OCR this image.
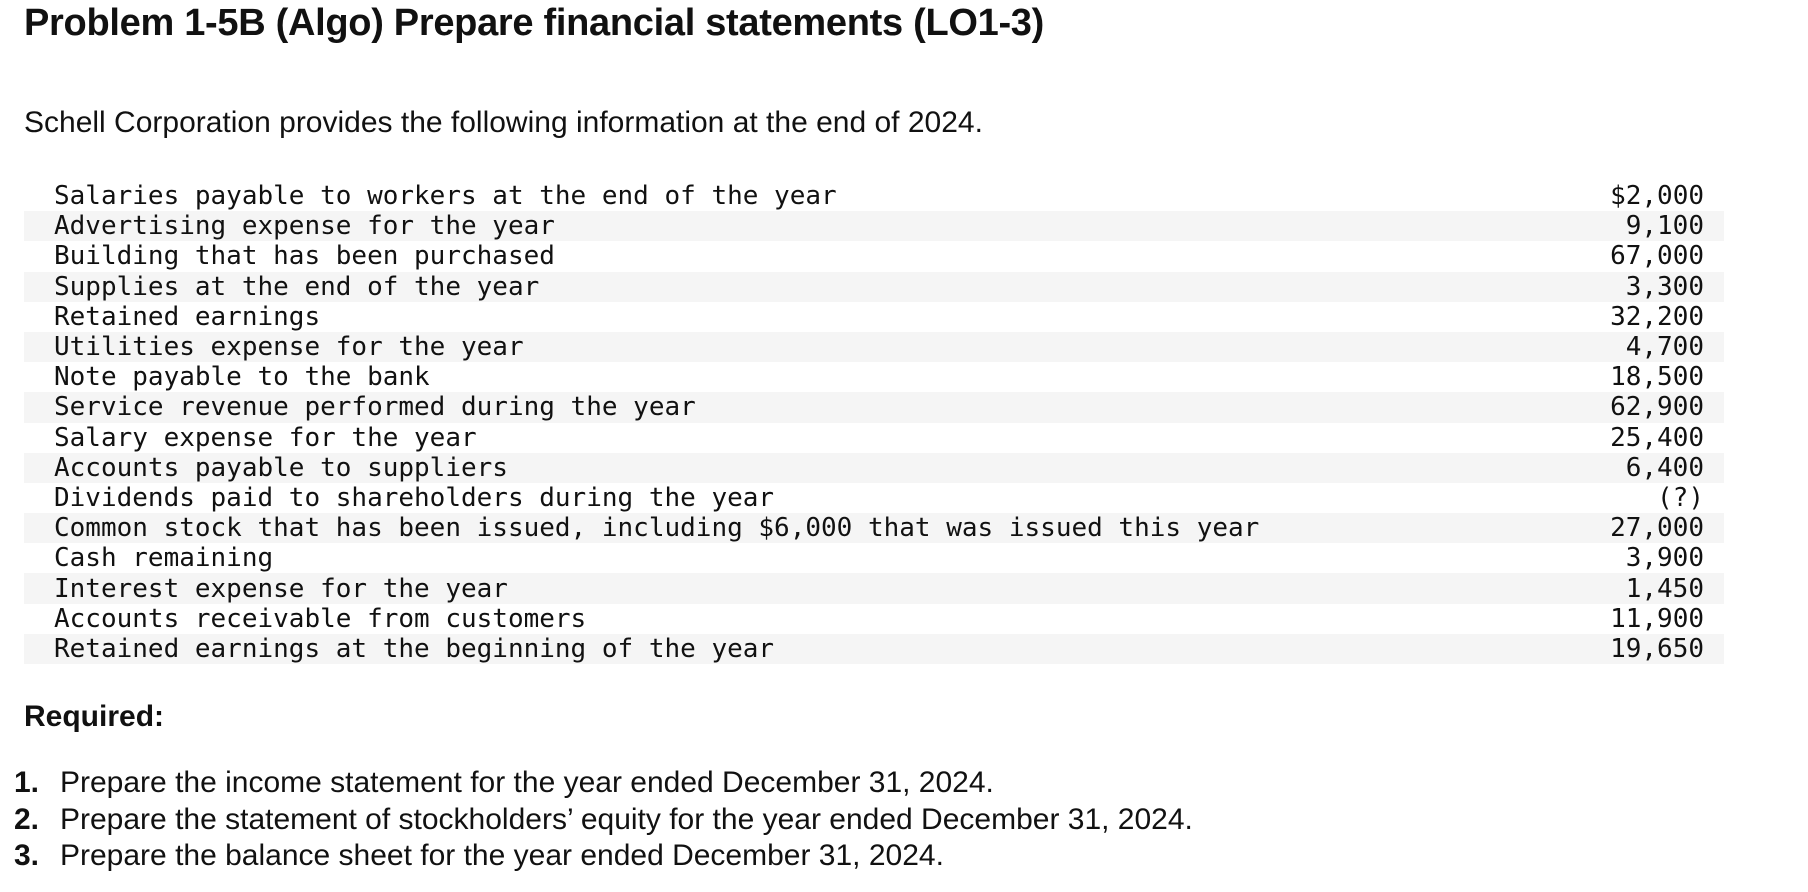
Problem 1-5B (Algo) Prepare financial statements (LO1-3)

Schell Corporation provides the following information at the end of 2024.

Salaries payable to workers at the end of the year	$2,000
Advertising expense for the year	9,100
Building that has been purchased	67,000
Supplies at the end of the year	3,300
Retained earnings	32,200
Utilities expense for the year	4,700
Note payable to the bank	18,500
Service revenue performed during the year	62,900
Salary expense for the year	25,400
Accounts payable to suppliers	6,400
Dividends paid to shareholders during the year	(?)
Common stock that has been issued, including $6,000 that was issued this year	27,000
Cash remaining	3,900
Interest expense for the year	1,450
Accounts receivable from customers	11,900
Retained earnings at the beginning of the year	19,650
Required:
1. Prepare the income statement for the year ended December 31, 2024.
2. Prepare the statement of stockholders’ equity for the year ended December 31, 2024.
3. Prepare the balance sheet for the year ended December 31, 2024.
